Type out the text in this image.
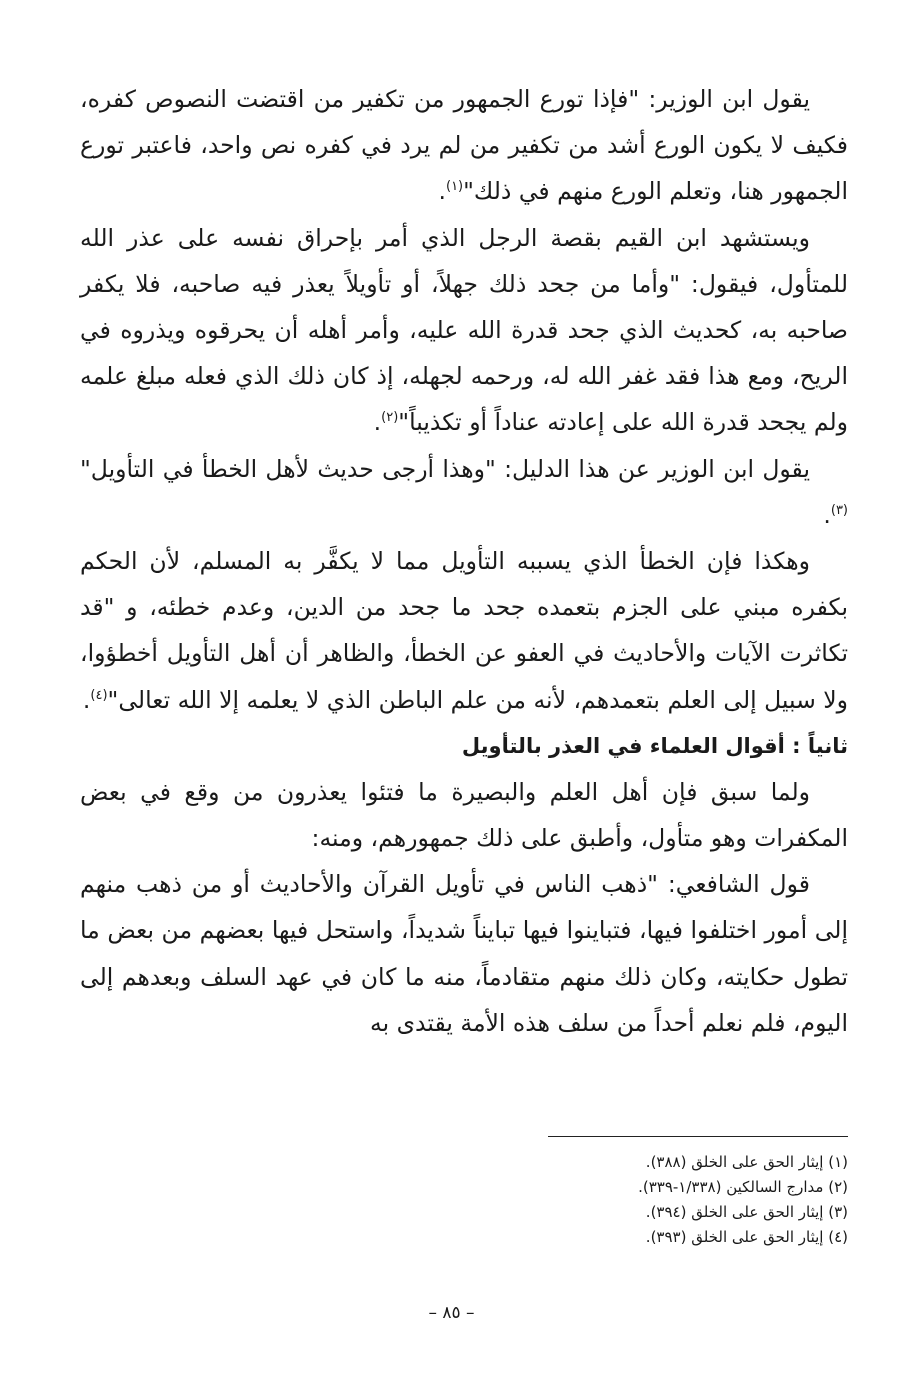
يقول ابن الوزير: "فإذا تورع الجمهور من تكفير من اقتضت النصوص كفره، فكيف لا يكون الورع أشد من تكفير من لم يرد في كفره نص واحد، فاعتبر تورع الجمهور هنا، وتعلم الورع منهم في ذلك"$^{(١)}$.

ويستشهد ابن القيم بقصة الرجل الذي أمر بإحراق نفسه على عذر الله للمتأول، فيقول: "وأما من جحد ذلك جهلاً، أو تأويلاً يعذر فيه صاحبه، فلا يكفر صاحبه به، كحديث الذي جحد قدرة الله عليه، وأمر أهله أن يحرقوه ويذروه في الريح، ومع هذا فقد غفر الله له، ورحمه لجهله، إذ كان ذلك الذي فعله مبلغ علمه ولم يجحد قدرة الله على إعادته عناداً أو تكذيباً"$^{(٢)}$.

يقول ابن الوزير عن هذا الدليل: "وهذا أرجى حديث لأهل الخطأ في التأويل"$^{(٣)}$.

وهكذا فإن الخطأ الذي يسببه التأويل مما لا يكفَّر به المسلم، لأن الحكم بكفره مبني على الجزم بتعمده جحد ما جحد من الدين، وعدم خطئه، و "قد تكاثرت الآيات والأحاديث في العفو عن الخطأ، والظاهر أن أهل التأويل أخطؤوا، ولا سبيل إلى العلم بتعمدهم، لأنه من علم الباطن الذي لا يعلمه إلا الله تعالى"$^{(٤)}$.

ثانياً : أقوال العلماء في العذر بالتأويل

ولما سبق فإن أهل العلم والبصيرة ما فتئوا يعذرون من وقع في بعض المكفرات وهو متأول، وأطبق على ذلك جمهورهم، ومنه:

قول الشافعي: "ذهب الناس في تأويل القرآن والأحاديث أو من ذهب منهم إلى أمور اختلفوا فيها، فتباينوا فيها تبايناً شديداً، واستحل فيها بعضهم من بعض ما تطول حكايته، وكان ذلك منهم متقادماً، منه ما كان في عهد السلف وبعدهم إلى اليوم، فلم نعلم أحداً من سلف هذه الأمة يقتدى به

(١) إيثار الحق على الخلق (٣٨٨).

(٢) مدارج السالكين (١/٣٣٨-٣٣٩).

(٣) إيثار الحق على الخلق (٣٩٤).

(٤) إيثار الحق على الخلق (٣٩٣).

– ٨٥ –
